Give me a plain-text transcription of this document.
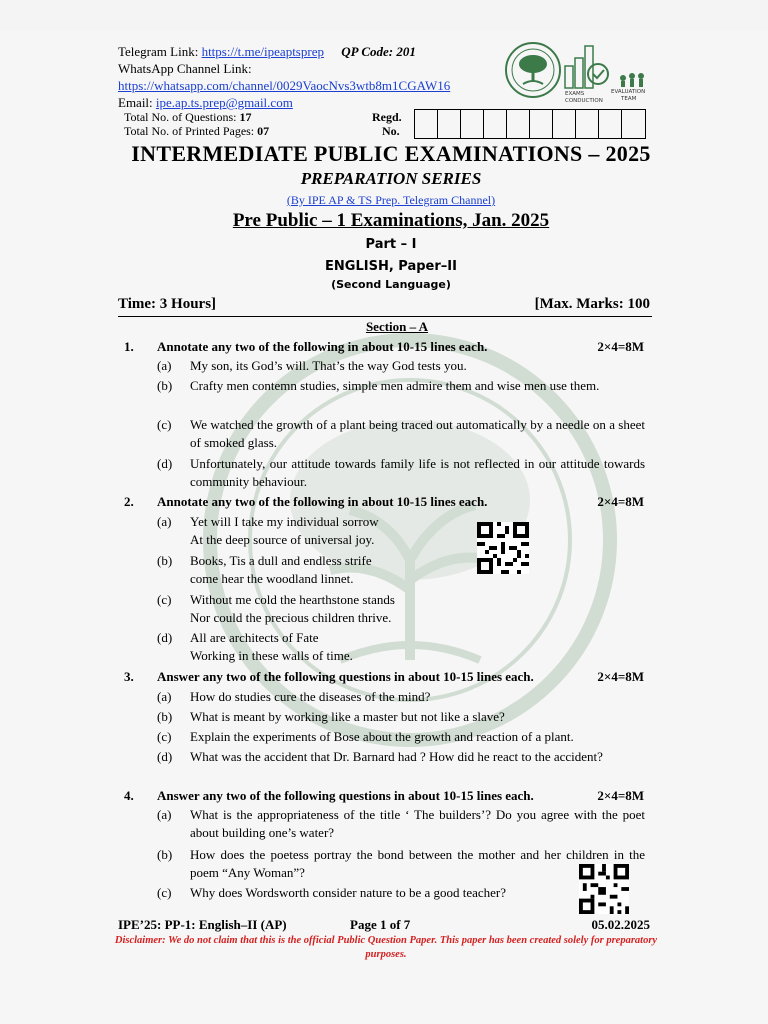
Telegram Link: https://t.me/ipeaptsprep QP Code: 201
WhatsApp Channel Link:
https://whatsapp.com/channel/0029VaocNvs3wtb8m1CGAW16
Email: ipe.ap.ts.prep@gmail.com
EXAMS
CONDUCTION
EVALUATION
TEAM
Total No. of Questions: 17
Total No. of Printed Pages: 07
Regd.
No.
INTERMEDIATE PUBLIC EXAMINATIONS – 2025
PREPARATION SERIES
(By IPE AP & TS Prep. Telegram Channel)
Pre Public – 1 Examinations, Jan. 2025
Part – I
ENGLISH, Paper–II
(Second Language)
Time: 3 Hours]	[Max. Marks: 100
Section – A
1. Annotate any two of the following in about 10-15 lines each.	2×4=8M
(a) My son, its God’s will. That’s the way God tests you.
(b) Crafty men contemn studies, simple men admire them and wise men use them.
(c) We watched the growth of a plant being traced out automatically by a needle on a sheet of smoked glass.
(d) Unfortunately, our attitude towards family life is not reflected in our attitude towards community behaviour.
2. Annotate any two of the following in about 10-15 lines each.	2×4=8M
(a) Yet will I take my individual sorrow
At the deep source of universal joy.
(b) Books, Tis a dull and endless strife
come hear the woodland linnet.
(c) Without me cold the hearthstone stands
Nor could the precious children thrive.
(d) All are architects of Fate
Working in these walls of time.
3. Answer any two of the following questions in about 10-15 lines each.	2×4=8M
(a) How do studies cure the diseases of the mind?
(b) What is meant by working like a master but not like a slave?
(c) Explain the experiments of Bose about the growth and reaction of a plant.
(d) What was the accident that Dr. Barnard had ? How did he react to the accident?
4. Answer any two of the following questions in about 10-15 lines each.	2×4=8M
(a) What is the appropriateness of the title ‘ The builders’? Do you agree with the poet about building one’s water?
(b) How does the poetess portray the bond between the mother and her children in the poem “Any Woman”?
(c) Why does Wordsworth consider nature to be a good teacher?
IPE’25: PP-1: English–II (AP)	Page 1 of 7	05.02.2025
Disclaimer: We do not claim that this is the official Public Question Paper. This paper has been created solely for preparatory purposes.
